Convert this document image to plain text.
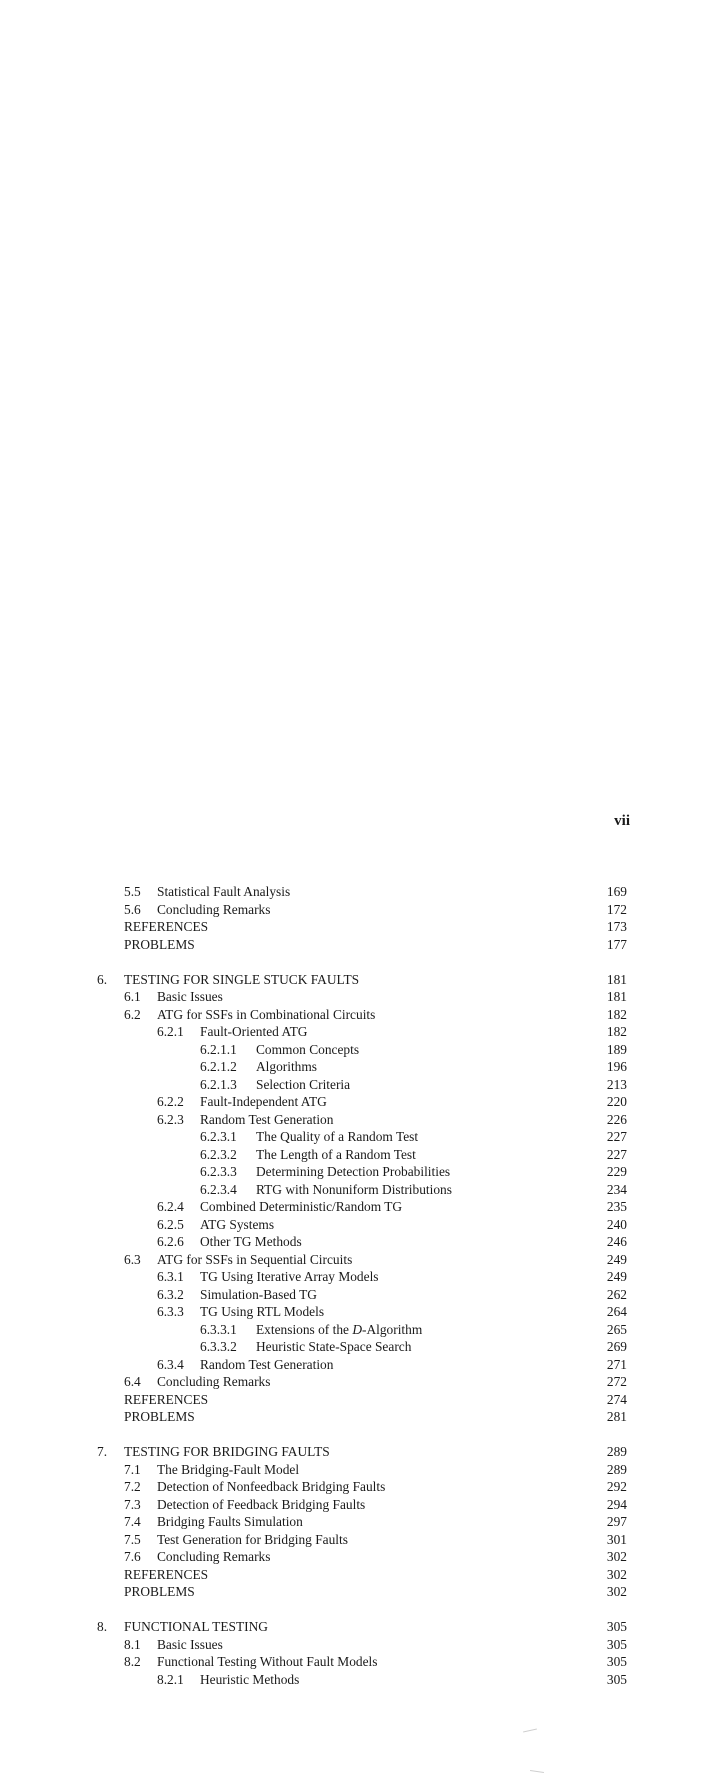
vii
5.5 Statistical Fault Analysis	169
5.6 Concluding Remarks	172
REFERENCES	173
PROBLEMS	177
6. TESTING FOR SINGLE STUCK FAULTS	181
6.1 Basic Issues	181
6.2 ATG for SSFs in Combinational Circuits	182
6.2.1 Fault-Oriented ATG	182
6.2.1.1 Common Concepts	189
6.2.1.2 Algorithms	196
6.2.1.3 Selection Criteria	213
6.2.2 Fault-Independent ATG	220
6.2.3 Random Test Generation	226
6.2.3.1 The Quality of a Random Test	227
6.2.3.2 The Length of a Random Test	227
6.2.3.3 Determining Detection Probabilities	229
6.2.3.4 RTG with Nonuniform Distributions	234
6.2.4 Combined Deterministic/Random TG	235
6.2.5 ATG Systems	240
6.2.6 Other TG Methods	246
6.3 ATG for SSFs in Sequential Circuits	249
6.3.1 TG Using Iterative Array Models	249
6.3.2 Simulation-Based TG	262
6.3.3 TG Using RTL Models	264
6.3.3.1 Extensions of the D-Algorithm	265
6.3.3.2 Heuristic State-Space Search	269
6.3.4 Random Test Generation	271
6.4 Concluding Remarks	272
REFERENCES	274
PROBLEMS	281
7. TESTING FOR BRIDGING FAULTS	289
7.1 The Bridging-Fault Model	289
7.2 Detection of Nonfeedback Bridging Faults	292
7.3 Detection of Feedback Bridging Faults	294
7.4 Bridging Faults Simulation	297
7.5 Test Generation for Bridging Faults	301
7.6 Concluding Remarks	302
REFERENCES	302
PROBLEMS	302
8. FUNCTIONAL TESTING	305
8.1 Basic Issues	305
8.2 Functional Testing Without Fault Models	305
8.2.1 Heuristic Methods	305
